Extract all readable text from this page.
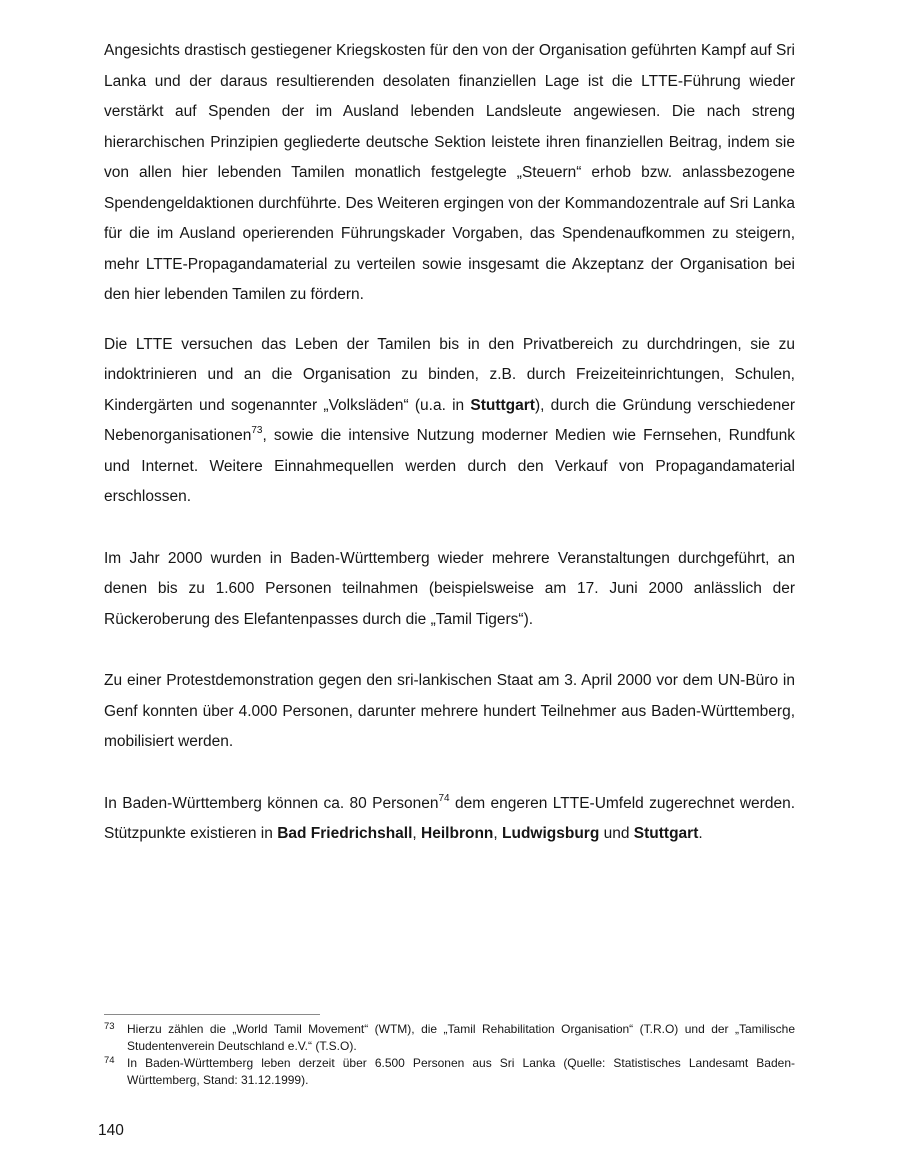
Angesichts drastisch gestiegener Kriegskosten für den von der Organisation geführten Kampf auf Sri Lanka und der daraus resultierenden desolaten finanziellen Lage ist die LTTE-Führung wieder verstärkt auf Spenden der im Ausland lebenden Landsleute angewiesen. Die nach streng hierarchischen Prinzipien gegliederte deutsche Sektion leistete ihren finanziellen Beitrag, indem sie von allen hier lebenden Tamilen monatlich festgelegte „Steuern“ erhob bzw. anlassbezogene Spendengeldaktionen durchführte. Des Weiteren ergingen von der Kommandozentrale auf Sri Lanka für die im Ausland operierenden Führungskader Vorgaben, das Spendenaufkommen zu steigern, mehr LTTE-Propagandamaterial zu verteilen sowie insgesamt die Akzeptanz der Organisation bei den hier lebenden Tamilen zu fördern.

Die LTTE versuchen das Leben der Tamilen bis in den Privatbereich zu durchdringen, sie zu indoktrinieren und an die Organisation zu binden, z.B. durch Freizeiteinrichtungen, Schulen, Kindergärten und sogenannter „Volksläden“ (u.a. in Stuttgart), durch die Gründung verschiedener Nebenorganisationen$^{73}$, sowie die intensive Nutzung moderner Medien wie Fernsehen, Rundfunk und Internet. Weitere Einnahmequellen werden durch den Verkauf von Propagandamaterial erschlossen.

Im Jahr 2000 wurden in Baden-Württemberg wieder mehrere Veranstaltungen durchgeführt, an denen bis zu 1.600 Personen teilnahmen (beispielsweise am 17. Juni 2000 anlässlich der Rückeroberung des Elefantenpasses durch die „Tamil Tigers“).

Zu einer Protestdemonstration gegen den sri-lankischen Staat am 3. April 2000 vor dem UN-Büro in Genf konnten über 4.000 Personen, darunter mehrere hundert Teilnehmer aus Baden-Württemberg, mobilisiert werden.

In Baden-Württemberg können ca. 80 Personen$^{74}$ dem engeren LTTE-Umfeld zugerechnet werden. Stützpunkte existieren in Bad Friedrichshall, Heilbronn, Ludwigsburg und Stuttgart.

$^{73}$ Hierzu zählen die „World Tamil Movement“ (WTM), die „Tamil Rehabilitation Organisation“ (T.R.O) und der „Tamilische Studentenverein Deutschland e.V.“ (T.S.O).

$^{74}$ In Baden-Württemberg leben derzeit über 6.500 Personen aus Sri Lanka (Quelle: Statistisches Landesamt Baden-Württemberg, Stand: 31.12.1999).

140
